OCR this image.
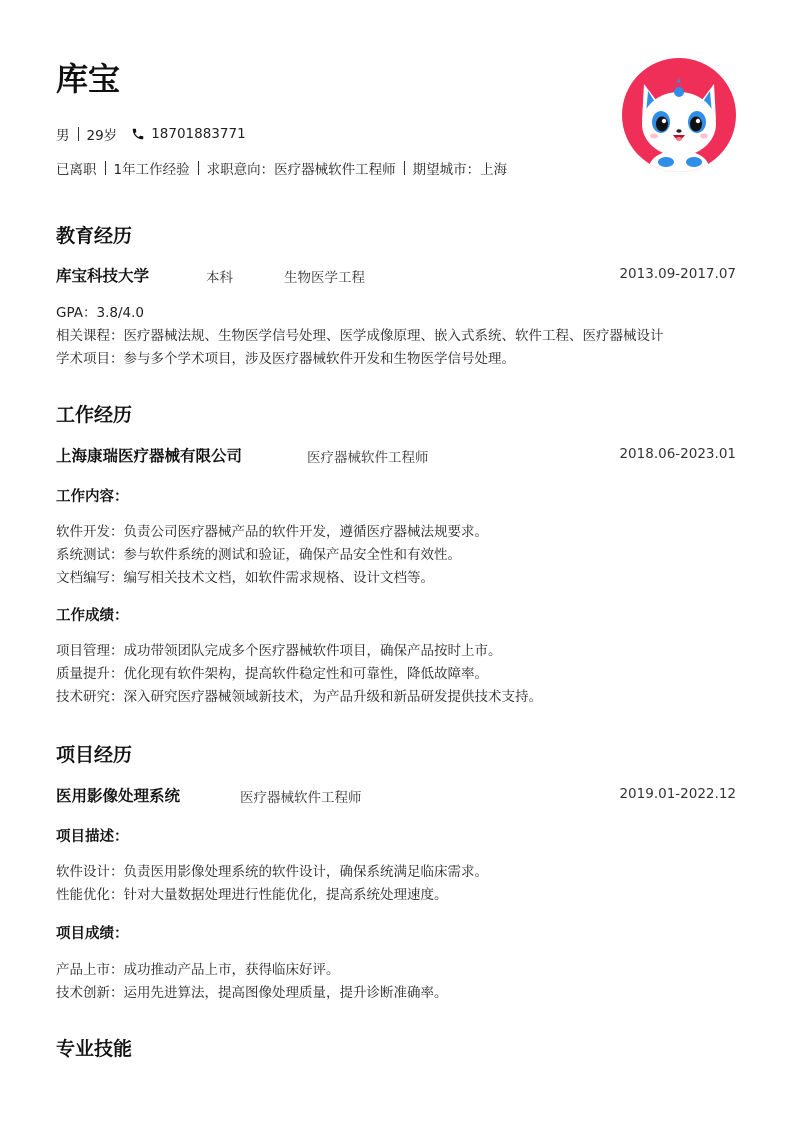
库宝
男 29岁	18701883771
已离职 1年工作经验 求职意向：医疗器械软件工程师 期望城市：上海
教育经历
库宝科技大学	本科	生物医学工程	2013.09-2017.07
GPA：3.8/4.0
相关课程：医疗器械法规、生物医学信号处理、医学成像原理、嵌入式系统、软件工程、医疗器械设计
学术项目：参与多个学术项目，涉及医疗器械软件开发和生物医学信号处理。
工作经历
上海康瑞医疗器械有限公司	医疗器械软件工程师	2018.06-2023.01
工作内容：
软件开发：负责公司医疗器械产品的软件开发，遵循医疗器械法规要求。
系统测试：参与软件系统的测试和验证，确保产品安全性和有效性。
文档编写：编写相关技术文档，如软件需求规格、设计文档等。
工作成绩：
项目管理：成功带领团队完成多个医疗器械软件项目，确保产品按时上市。
质量提升：优化现有软件架构，提高软件稳定性和可靠性，降低故障率。
技术研究：深入研究医疗器械领域新技术，为产品升级和新品研发提供技术支持。
项目经历
医用影像处理系统	医疗器械软件工程师	2019.01-2022.12
项目描述：
软件设计：负责医用影像处理系统的软件设计，确保系统满足临床需求。
性能优化：针对大量数据处理进行性能优化，提高系统处理速度。
项目成绩：
产品上市：成功推动产品上市，获得临床好评。
技术创新：运用先进算法，提高图像处理质量，提升诊断准确率。
专业技能
